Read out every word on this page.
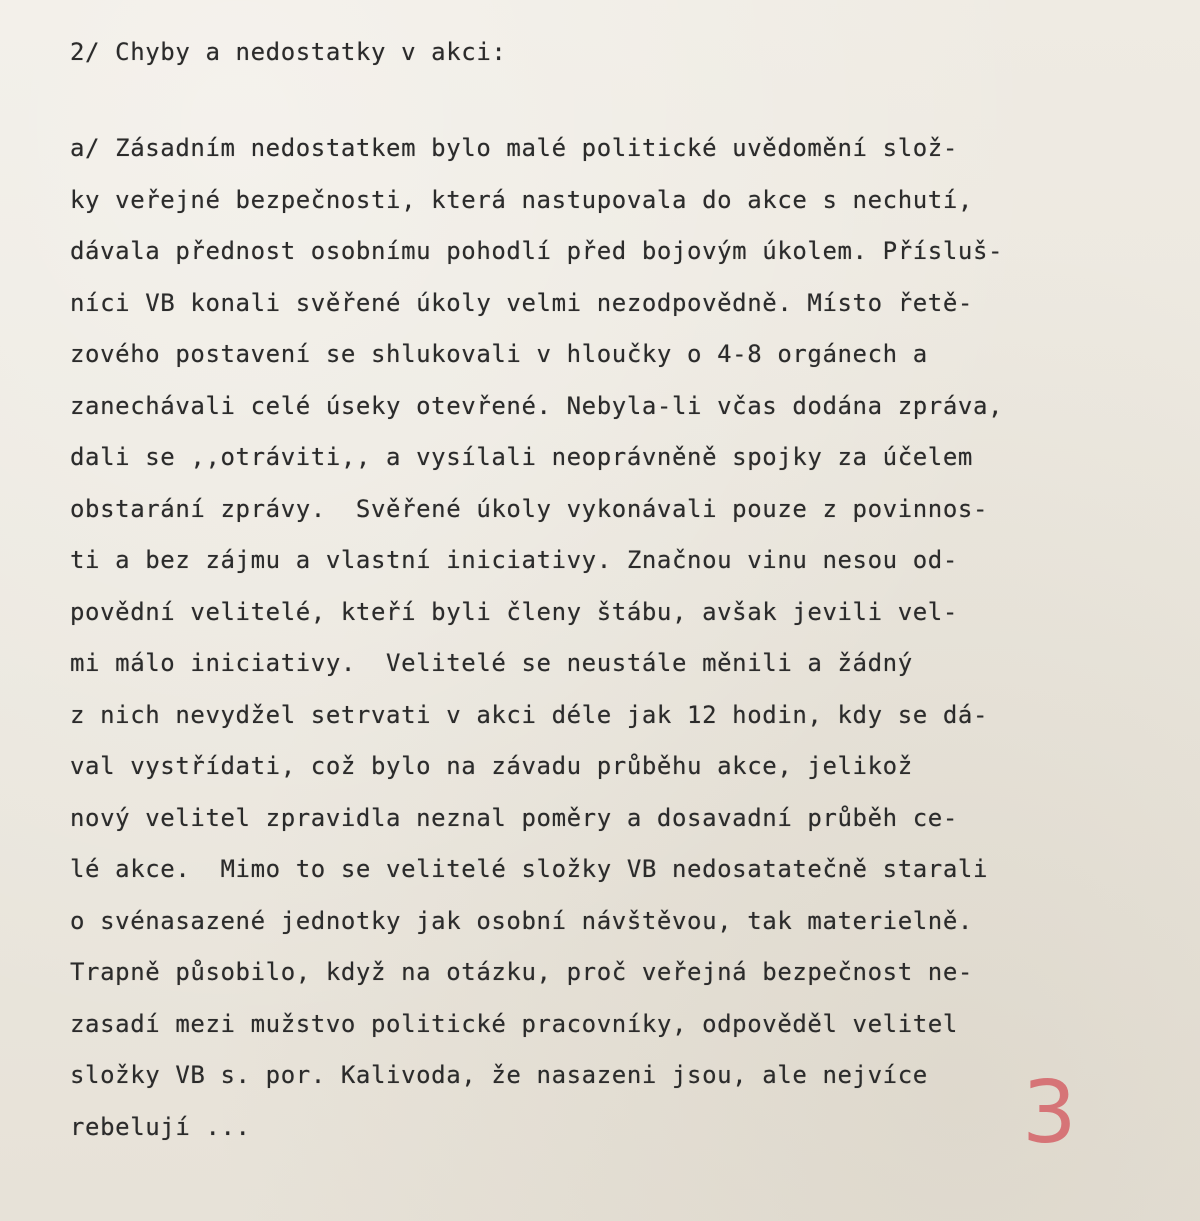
2/ Chyby a nedostatky v akci:
a/ Zásadním nedostatkem bylo malé politické uvědomění slož-
ky veřejné bezpečnosti, která nastupovala do akce s nechutí,
dávala přednost osobnímu pohodlí před bojovým úkolem. Přísluš-
níci VB konali svěřené úkoly velmi nezodpovědně. Místo řetě-
zového postavení se shlukovali v hloučky o 4-8 orgánech a
zanechávali celé úseky otevřené. Nebyla-li včas dodána zpráva,
dali se ,,otráviti,, a vysílali neoprávněně spojky za účelem
obstarání zprávy.  Svěřené úkoly vykonávali pouze z povinnos-
ti a bez zájmu a vlastní iniciativy. Značnou vinu nesou od-
povědní velitelé, kteří byli členy štábu, avšak jevili vel-
mi málo iniciativy.  Velitelé se neustále měnili a žádný
z nich nevydžel setrvati v akci déle jak 12 hodin, kdy se dá-
val vystřídati, což bylo na závadu průběhu akce, jelikož
nový velitel zpravidla neznal poměry a dosavadní průběh ce-
lé akce.  Mimo to se velitelé složky VB nedosatatečně starali
o svénasazené jednotky jak osobní návštěvou, tak materielně.
Trapně působilo, když na otázku, proč veřejná bezpečnost ne-
zasadí mezi mužstvo politické pracovníky, odpověděl velitel
složky VB s. por. Kalivoda, že nasazeni jsou, ale nejvíce
rebelují ...	3
